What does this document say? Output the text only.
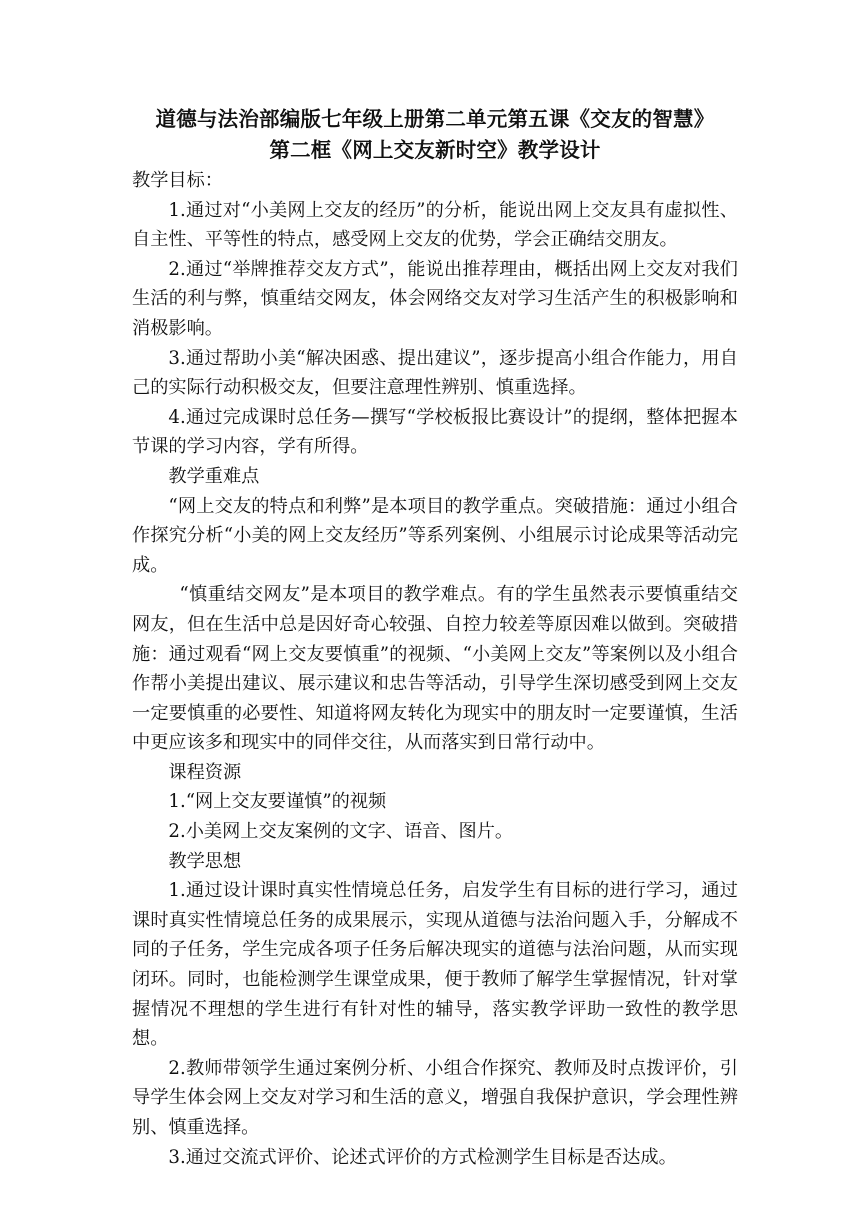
道德与法治部编版七年级上册第二单元第五课《交友的智慧》

第二框《网上交友新时空》教学设计

教学目标：

1.通过对“小美网上交友的经历”的分析，能说出网上交友具有虚拟性、自主性、平等性的特点，感受网上交友的优势，学会正确结交朋友。

2.通过“举牌推荐交友方式”，能说出推荐理由，概括出网上交友对我们生活的利与弊，慎重结交网友，体会网络交友对学习生活产生的积极影响和消极影响。

3.通过帮助小美“解决困惑、提出建议”，逐步提高小组合作能力，用自己的实际行动积极交友，但要注意理性辨别、慎重选择。

4.通过完成课时总任务—撰写“学校板报比赛设计”的提纲，整体把握本节课的学习内容，学有所得。

教学重难点

“网上交友的特点和利弊”是本项目的教学重点。突破措施：通过小组合作探究分析“小美的网上交友经历”等系列案例、小组展示讨论成果等活动完成。

“慎重结交网友”是本项目的教学难点。有的学生虽然表示要慎重结交网友，但在生活中总是因好奇心较强、自控力较差等原因难以做到。突破措施：通过观看“网上交友要慎重”的视频、“小美网上交友”等案例以及小组合作帮小美提出建议、展示建议和忠告等活动，引导学生深切感受到网上交友一定要慎重的必要性、知道将网友转化为现实中的朋友时一定要谨慎，生活中更应该多和现实中的同伴交往，从而落实到日常行动中。

课程资源

1.“网上交友要谨慎”的视频

2.小美网上交友案例的文字、语音、图片。

教学思想

1.通过设计课时真实性情境总任务，启发学生有目标的进行学习，通过课时真实性情境总任务的成果展示，实现从道德与法治问题入手，分解成不同的子任务，学生完成各项子任务后解决现实的道德与法治问题，从而实现闭环。同时，也能检测学生课堂成果，便于教师了解学生掌握情况，针对掌握情况不理想的学生进行有针对性的辅导，落实教学评助一致性的教学思想。

2.教师带领学生通过案例分析、小组合作探究、教师及时点拨评价，引导学生体会网上交友对学习和生活的意义，增强自我保护意识，学会理性辨别、慎重选择。

3.通过交流式评价、论述式评价的方式检测学生目标是否达成。
